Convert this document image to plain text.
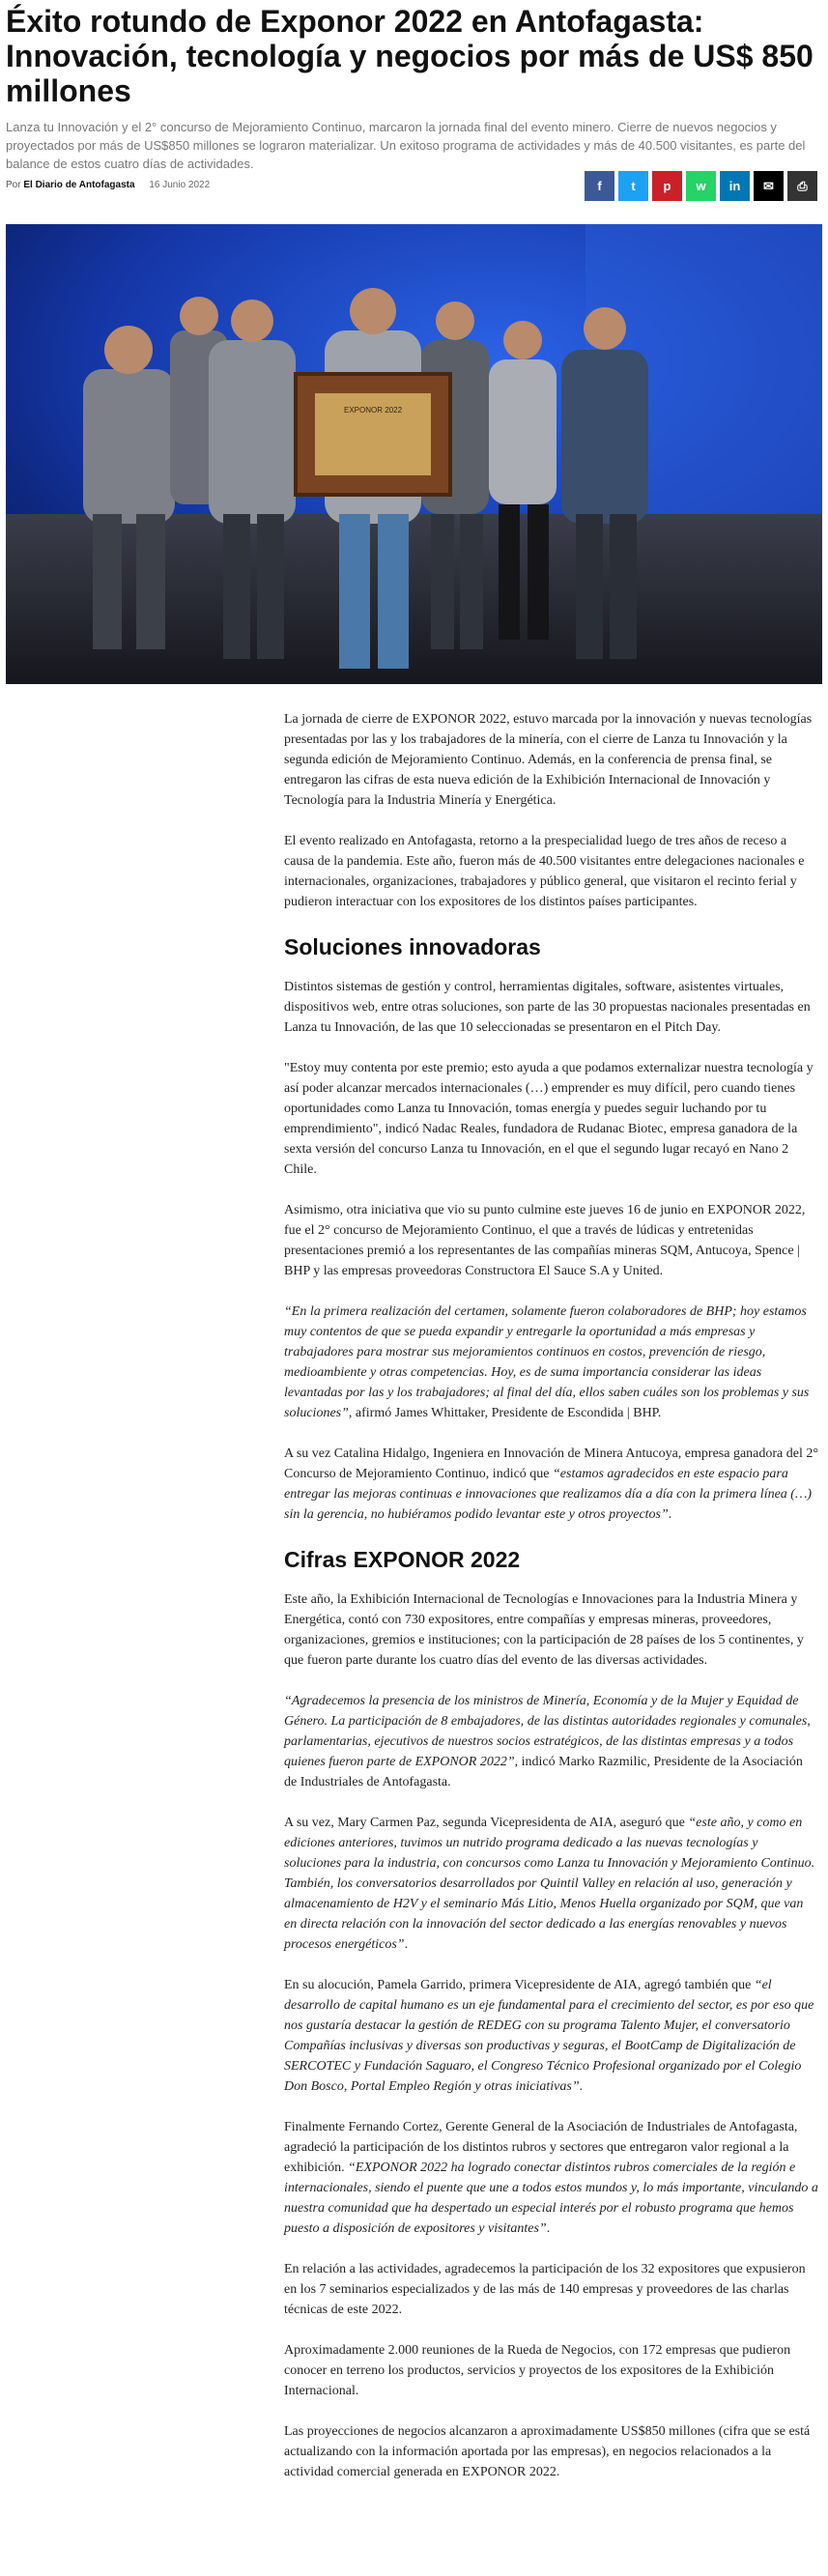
Éxito rotundo de Exponor 2022 en Antofagasta: Innovación, tecnología y negocios por más de US$ 850 millones

Lanza tu Innovación y el 2° concurso de Mejoramiento Continuo, marcaron la jornada final del evento minero. Cierre de nuevos negocios y proyectados por más de US$850 millones se lograron materializar. Un exitoso programa de actividades y más de 40.500 visitantes, es parte del balance de estos cuatro días de actividades.

Por El Diario de Antofagasta 16 Junio 2022	f	t	p	w	in	✉	⎙
EXPONOR 2022

La jornada de cierre de EXPONOR 2022, estuvo marcada por la innovación y nuevas tecnologías presentadas por las y los trabajadores de la minería, con el cierre de Lanza tu Innovación y la segunda edición de Mejoramiento Continuo. Además, en la conferencia de prensa final, se entregaron las cifras de esta nueva edición de la Exhibición Internacional de Innovación y Tecnología para la Industria Minería y Energética.

El evento realizado en Antofagasta, retorno a la prespecialidad luego de tres años de receso a causa de la pandemia. Este año, fueron más de 40.500 visitantes entre delegaciones nacionales e internacionales, organizaciones, trabajadores y público general, que visitaron el recinto ferial y pudieron interactuar con los expositores de los distintos países participantes.

Soluciones innovadoras

Distintos sistemas de gestión y control, herramientas digitales, software, asistentes virtuales, dispositivos web, entre otras soluciones, son parte de las 30 propuestas nacionales presentadas en Lanza tu Innovación, de las que 10 seleccionadas se presentaron en el Pitch Day.

"Estoy muy contenta por este premio; esto ayuda a que podamos externalizar nuestra tecnología y así poder alcanzar mercados internacionales (…) emprender es muy difícil, pero cuando tienes oportunidades como Lanza tu Innovación, tomas energía y puedes seguir luchando por tu emprendimiento", indicó Nadac Reales, fundadora de Rudanac Biotec, empresa ganadora de la sexta versión del concurso Lanza tu Innovación, en el que el segundo lugar recayó en Nano 2 Chile.

Asimismo, otra iniciativa que vio su punto culmine este jueves 16 de junio en EXPONOR 2022, fue el 2° concurso de Mejoramiento Continuo, el que a través de lúdicas y entretenidas presentaciones premió a los representantes de las compañías mineras SQM, Antucoya, Spence | BHP y las empresas proveedoras Constructora El Sauce S.A y United.

“En la primera realización del certamen, solamente fueron colaboradores de BHP; hoy estamos muy contentos de que se pueda expandir y entregarle la oportunidad a más empresas y trabajadores para mostrar sus mejoramientos continuos en costos, prevención de riesgo, medioambiente y otras competencias. Hoy, es de suma importancia considerar las ideas levantadas por las y los trabajadores; al final del día, ellos saben cuáles son los problemas y sus soluciones”, afirmó James Whittaker, Presidente de Escondida | BHP.

A su vez Catalina Hidalgo, Ingeniera en Innovación de Minera Antucoya, empresa ganadora del 2° Concurso de Mejoramiento Continuo, indicó que “estamos agradecidos en este espacio para entregar las mejoras continuas e innovaciones que realizamos día a día con la primera línea (…) sin la gerencia, no hubiéramos podido levantar este y otros proyectos”.

Cifras EXPONOR 2022

Este año, la Exhibición Internacional de Tecnologías e Innovaciones para la Industria Minera y Energética, contó con 730 expositores, entre compañías y empresas mineras, proveedores, organizaciones, gremios e instituciones; con la participación de 28 países de los 5 continentes, y que fueron parte durante los cuatro días del evento de las diversas actividades.

“Agradecemos la presencia de los ministros de Minería, Economía y de la Mujer y Equidad de Género. La participación de 8 embajadores, de las distintas autoridades regionales y comunales, parlamentarias, ejecutivos de nuestros socios estratégicos, de las distintas empresas y a todos quienes fueron parte de EXPONOR 2022”, indicó Marko Razmilic, Presidente de la Asociación de Industriales de Antofagasta.

A su vez, Mary Carmen Paz, segunda Vicepresidenta de AIA, aseguró que “este año, y como en ediciones anteriores, tuvimos un nutrido programa dedicado a las nuevas tecnologías y soluciones para la industria, con concursos como Lanza tu Innovación y Mejoramiento Continuo. También, los conversatorios desarrollados por Quintil Valley en relación al uso, generación y almacenamiento de H2V y el seminario Más Litio, Menos Huella organizado por SQM, que van en directa relación con la innovación del sector dedicado a las energías renovables y nuevos procesos energéticos”.

En su alocución, Pamela Garrido, primera Vicepresidente de AIA, agregó también que “el desarrollo de capital humano es un eje fundamental para el crecimiento del sector, es por eso que nos gustaría destacar la gestión de REDEG con su programa Talento Mujer, el conversatorio Compañías inclusivas y diversas son productivas y seguras, el BootCamp de Digitalización de SERCOTEC y Fundación Saguaro, el Congreso Técnico Profesional organizado por el Colegio Don Bosco, Portal Empleo Región y otras iniciativas”.

Finalmente Fernando Cortez, Gerente General de la Asociación de Industriales de Antofagasta, agradeció la participación de los distintos rubros y sectores que entregaron valor regional a la exhibición. “EXPONOR 2022 ha logrado conectar distintos rubros comerciales de la región e internacionales, siendo el puente que une a todos estos mundos y, lo más importante, vinculando a nuestra comunidad que ha despertado un especial interés por el robusto programa que hemos puesto a disposición de expositores y visitantes”.

En relación a las actividades, agradecemos la participación de los 32 expositores que expusieron en los 7 seminarios especializados y de las más de 140 empresas y proveedores de las charlas técnicas de este 2022.

Aproximadamente 2.000 reuniones de la Rueda de Negocios, con 172 empresas que pudieron conocer en terreno los productos, servicios y proyectos de los expositores de la Exhibición Internacional.

Las proyecciones de negocios alcanzaron a aproximadamente US$850 millones (cifra que se está actualizando con la información aportada por las empresas), en negocios relacionados a la actividad comercial generada en EXPONOR 2022.
